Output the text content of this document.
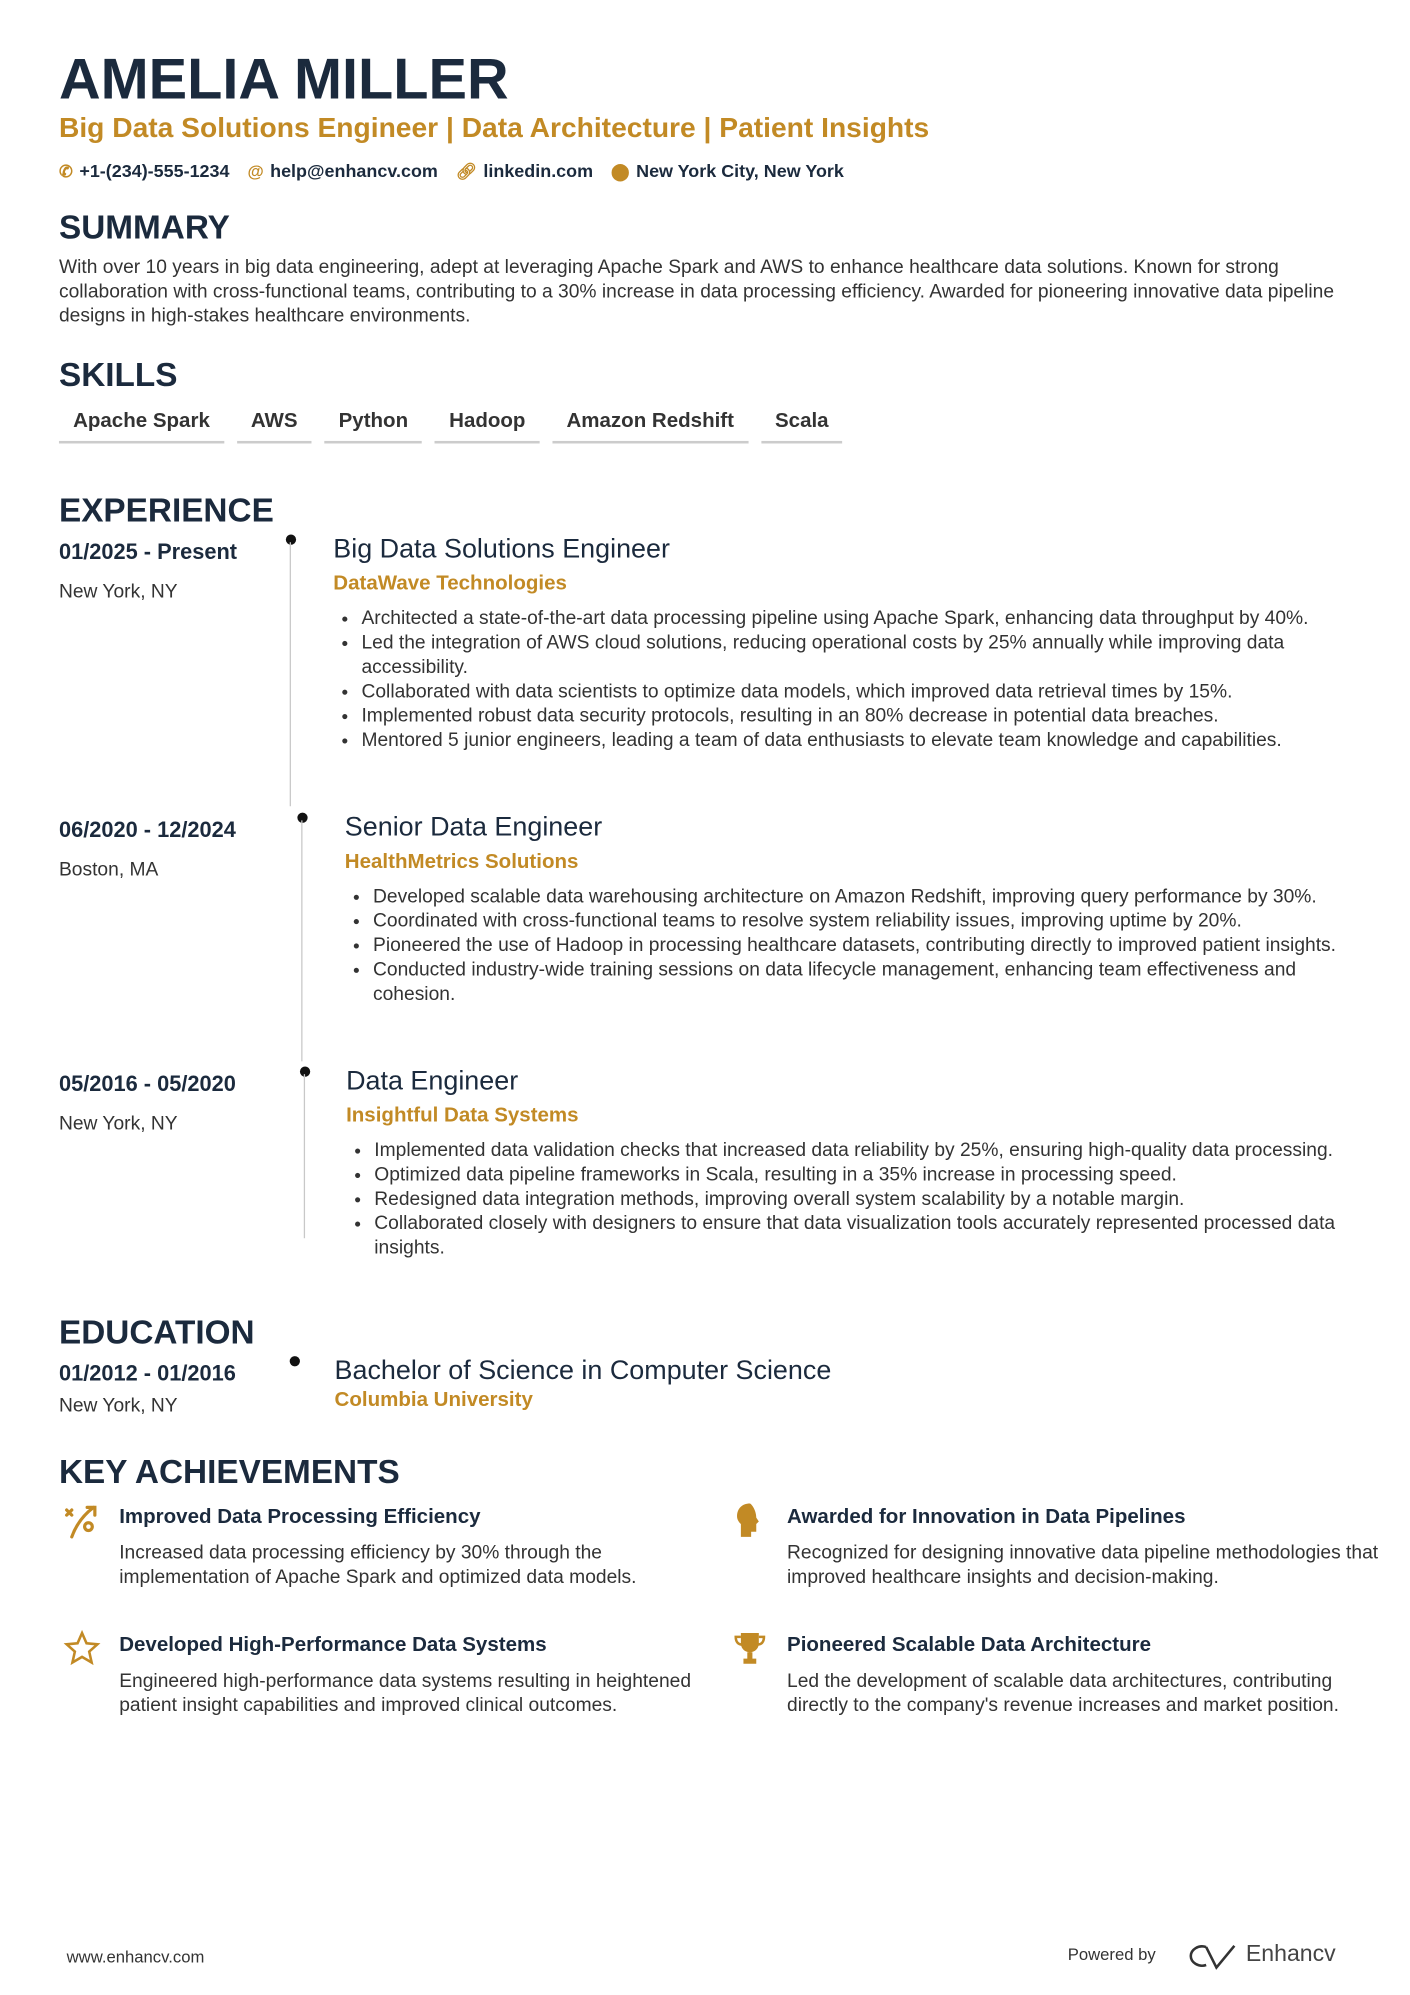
AMELIA MILLER
Big Data Solutions Engineer | Data Architecture | Patient Insights
✆ +1-(234)-555-1234 @ help@enhancv.com 🔗︎ linkedin.com ⬤ New York City, New York
SUMMARY
With over 10 years in big data engineering, adept at leveraging Apache Spark and AWS to enhance healthcare data solutions. Known for strong collaboration with cross-functional teams, contributing to a 30% increase in data processing efficiency. Awarded for pioneering innovative data pipeline designs in high-stakes healthcare environments.
SKILLS
Apache Spark	AWS	Python	Hadoop	Amazon Redshift	Scala
EXPERIENCE
01/2025 - Present
New York, NY
Big Data Solutions Engineer
DataWave Technologies
• Architected a state-of-the-art data processing pipeline using Apache Spark, enhancing data throughput by 40%.
• Led the integration of AWS cloud solutions, reducing operational costs by 25% annually while improving data accessibility.
• Collaborated with data scientists to optimize data models, which improved data retrieval times by 15%.
• Implemented robust data security protocols, resulting in an 80% decrease in potential data breaches.
• Mentored 5 junior engineers, leading a team of data enthusiasts to elevate team knowledge and capabilities.
06/2020 - 12/2024
Boston, MA
Senior Data Engineer
HealthMetrics Solutions
• Developed scalable data warehousing architecture on Amazon Redshift, improving query performance by 30%.
• Coordinated with cross-functional teams to resolve system reliability issues, improving uptime by 20%.
• Pioneered the use of Hadoop in processing healthcare datasets, contributing directly to improved patient insights.
• Conducted industry-wide training sessions on data lifecycle management, enhancing team effectiveness and cohesion.
05/2016 - 05/2020
New York, NY
Data Engineer
Insightful Data Systems
• Implemented data validation checks that increased data reliability by 25%, ensuring high-quality data processing.
• Optimized data pipeline frameworks in Scala, resulting in a 35% increase in processing speed.
• Redesigned data integration methods, improving overall system scalability by a notable margin.
• Collaborated closely with designers to ensure that data visualization tools accurately represented processed data insights.
EDUCATION
01/2012 - 01/2016
New York, NY
Bachelor of Science in Computer Science
Columbia University
KEY ACHIEVEMENTS
Improved Data Processing Efficiency
Increased data processing efficiency by 30% through the implementation of Apache Spark and optimized data models.
Awarded for Innovation in Data Pipelines
Recognized for designing innovative data pipeline methodologies that improved healthcare insights and decision-making.
Developed High-Performance Data Systems
Engineered high-performance data systems resulting in heightened patient insight capabilities and improved clinical outcomes.
Pioneered Scalable Data Architecture
Led the development of scalable data architectures, contributing directly to the company's revenue increases and market position.
www.enhancv.com	Powered by	Enhancv
